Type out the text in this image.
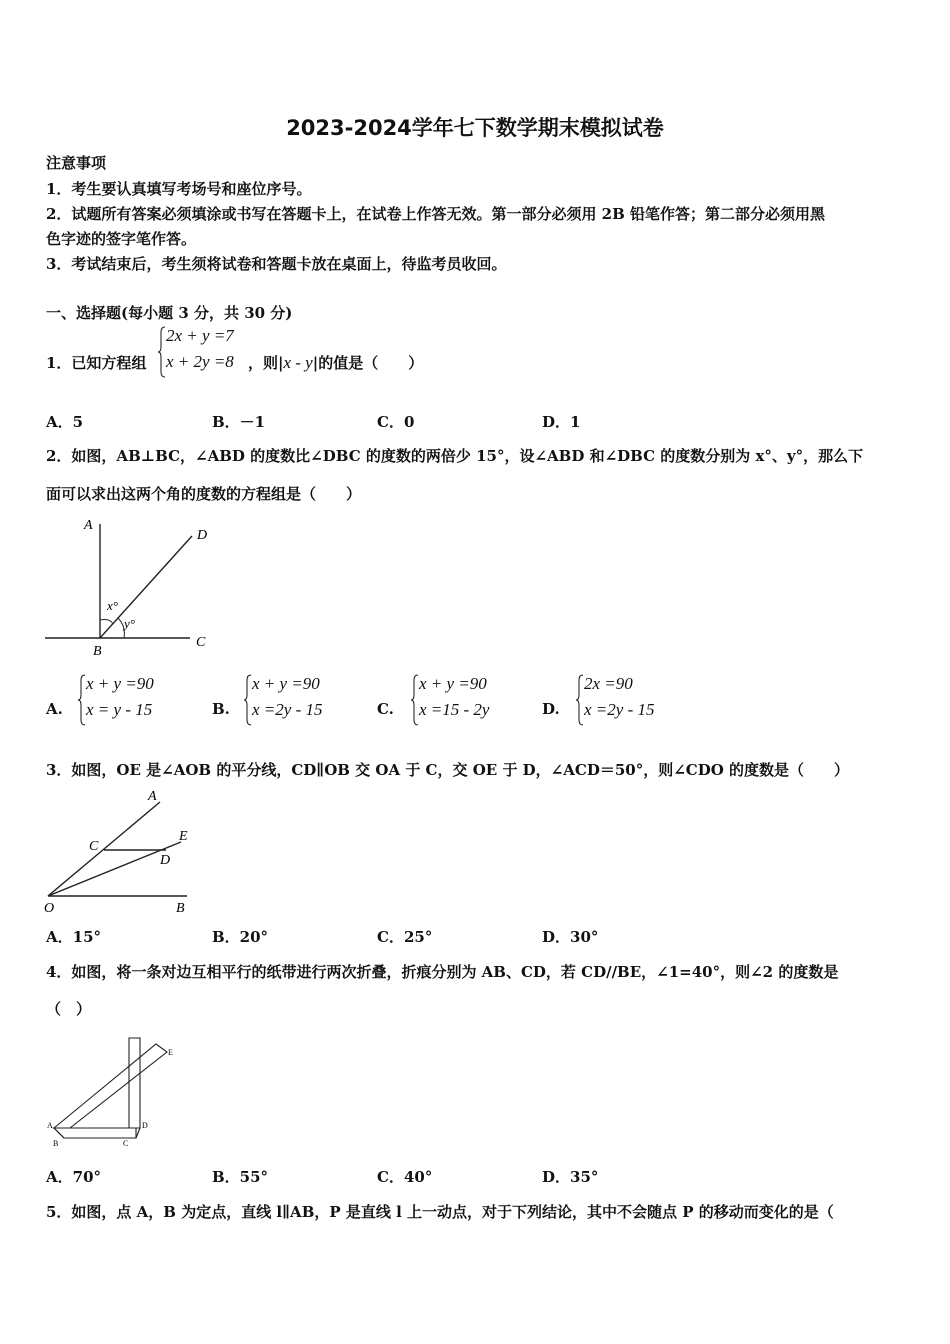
2023-2024学年七下数学期末模拟试卷
注意事项
1．考生要认真填写考场号和座位序号。
2．试题所有答案必须填涂或书写在答题卡上，在试卷上作答无效。第一部分必须用 2B 铅笔作答；第二部分必须用黑
色字迹的签字笔作答。
3．考试结束后，考生须将试卷和答题卡放在桌面上，待监考员收回。
一、选择题(每小题 3 分，共 30 分)
1．已知方程组
2x + y =7
x + 2y =8 ，则|x - y|的值是（　　）
A．5	B．－1	C．0	D．1
2．如图，AB⊥BC，∠ABD 的度数比∠DBC 的度数的两倍少 15°，设∠ABD 和∠DBC 的度数分别为 x°、y°，那么下
面可以求出这两个角的度数的方程组是（　　）
A
D
C
B
x°
y°
A.
x + y =90
x = y - 15	B.
x + y =90
x =2y - 15	C.
x + y =90
x =15 - 2y	D.
2x =90
x =2y - 15
3．如图，OE 是∠AOB 的平分线，CD∥OB 交 OA 于 C，交 OE 于 D，∠ACD＝50°，则∠CDO 的度数是（　　）
A
E
C
D
O	B
A．15°	B．20°	C．25°	D．30°
4．如图，将一条对边互相平行的纸带进行两次折叠，折痕分别为 AB、CD，若 CD//BE，∠1=40°，则∠2 的度数是
（　）
A
B	C
D
E
A．70°	B．55°	C．40°	D．35°
5．如图，点 A，B 为定点，直线 l∥AB，P 是直线 l 上一动点，对于下列结论，其中不会随点 P 的移动而变化的是（
